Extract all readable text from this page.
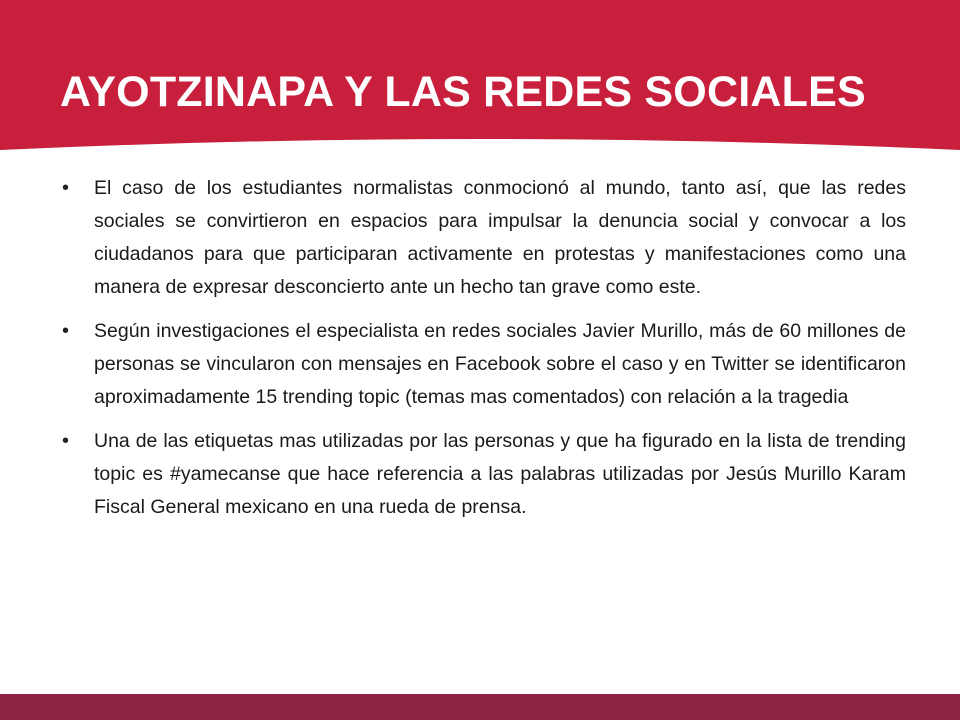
AYOTZINAPA Y LAS REDES SOCIALES
• El caso de los estudiantes normalistas conmocionó al mundo, tanto así, que las redes sociales se convirtieron en espacios para impulsar la denuncia social y convocar a los ciudadanos para que participaran activamente en protestas y manifestaciones como una manera de expresar desconcierto ante un hecho tan grave como este.
• Según investigaciones el especialista en redes sociales Javier Murillo, más de 60 millones de personas se vincularon con mensajes en Facebook sobre el caso y en Twitter se identificaron aproximadamente 15 trending topic (temas mas comentados) con relación a la tragedia
• Una de las etiquetas mas utilizadas por las personas y que ha figurado en la lista de trending topic es #yamecanse que hace referencia a las palabras utilizadas por Jesús Murillo Karam Fiscal General mexicano en una rueda de prensa.
